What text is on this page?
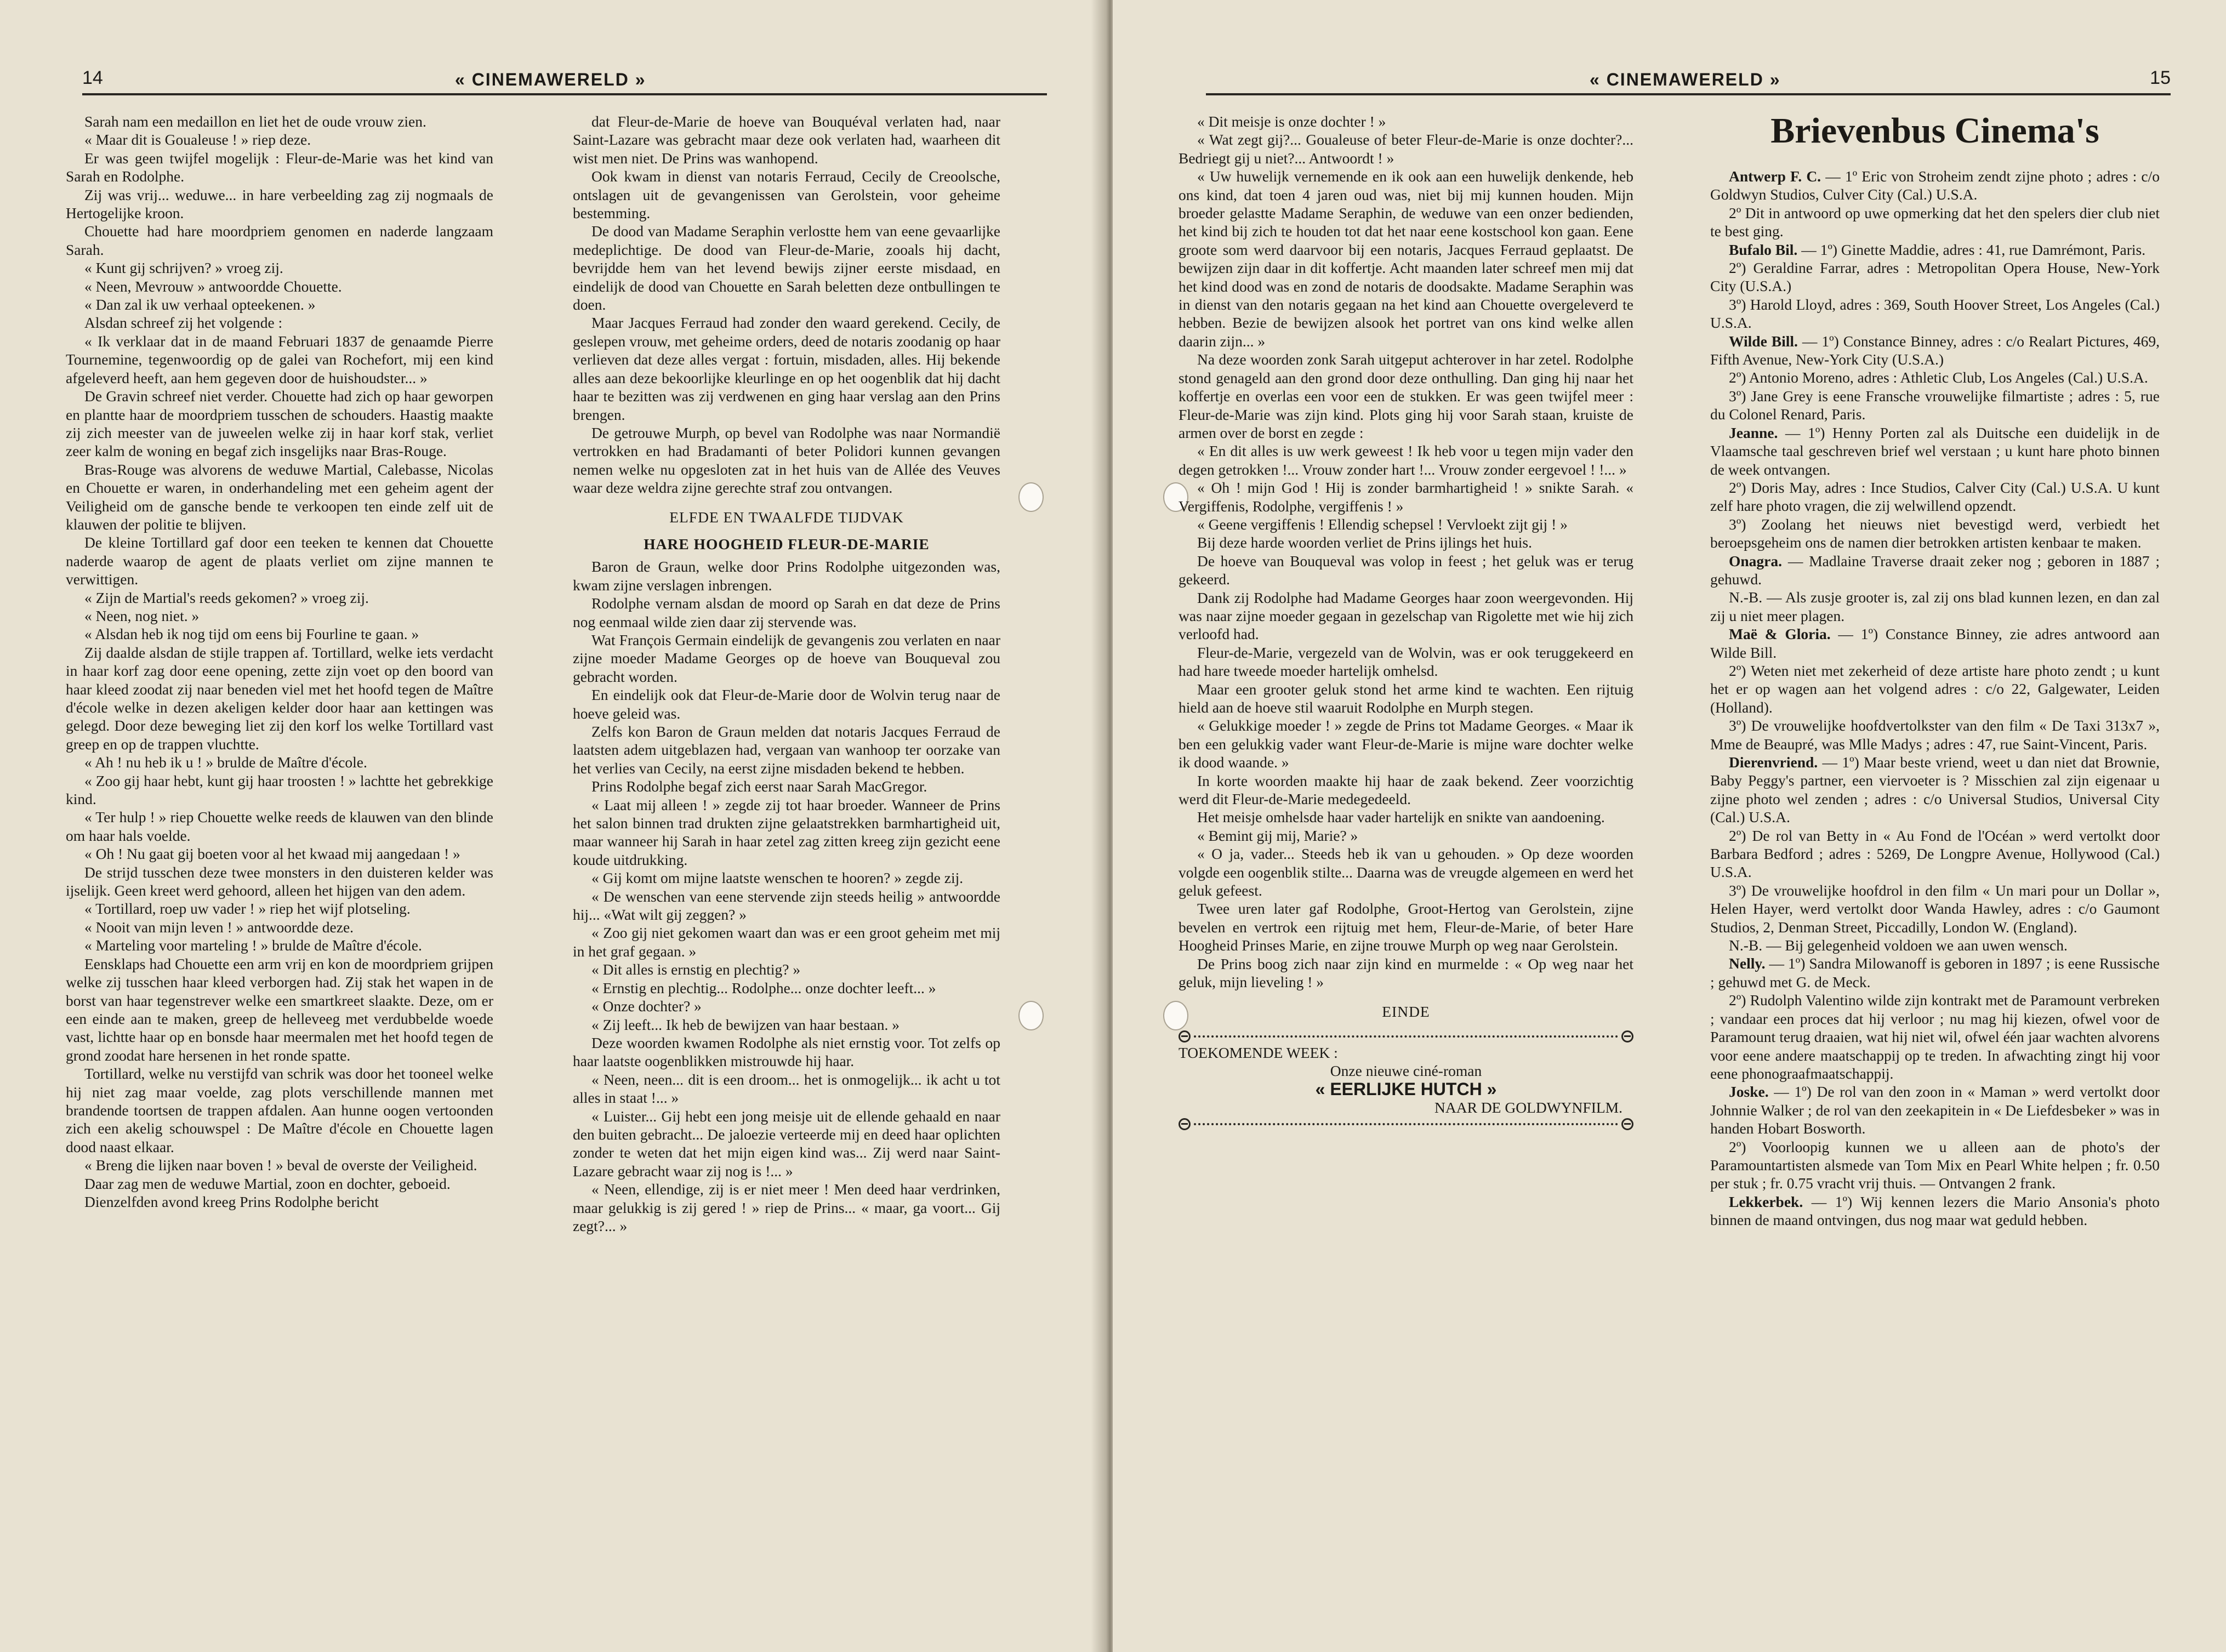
14	« CINEMAWERELD »

Sarah nam een medaillon en liet het de oude vrouw zien.

« Maar dit is Goualeuse ! » riep deze.

Er was geen twijfel mogelijk : Fleur-de-Marie was het kind van Sarah en Rodolphe.

Zij was vrij... weduwe... in hare verbeelding zag zij nogmaals de Hertogelijke kroon.

Chouette had hare moordpriem genomen en naderde langzaam Sarah.

« Kunt gij schrijven? » vroeg zij.

« Neen, Mevrouw » antwoordde Chouette.

« Dan zal ik uw verhaal opteekenen. »

Alsdan schreef zij het volgende :

« Ik verklaar dat in de maand Februari 1837 de genaamde Pierre Tournemine, tegenwoordig op de galei van Rochefort, mij een kind afgeleverd heeft, aan hem gegeven door de huishoudster... »

De Gravin schreef niet verder. Chouette had zich op haar geworpen en plantte haar de moordpriem tusschen de schouders. Haastig maakte zij zich meester van de juweelen welke zij in haar korf stak, verliet zeer kalm de woning en begaf zich insgelijks naar Bras-Rouge.

Bras-Rouge was alvorens de weduwe Martial, Calebasse, Nicolas en Chouette er waren, in onderhandeling met een geheim agent der Veiligheid om de gansche bende te verkoopen ten einde zelf uit de klauwen der politie te blijven.

De kleine Tortillard gaf door een teeken te kennen dat Chouette naderde waarop de agent de plaats verliet om zijne mannen te verwittigen.

« Zijn de Martial's reeds gekomen? » vroeg zij.

« Neen, nog niet. »

« Alsdan heb ik nog tijd om eens bij Fourline te gaan. »

Zij daalde alsdan de stijle trappen af. Tortillard, welke iets verdacht in haar korf zag door eene opening, zette zijn voet op den boord van haar kleed zoodat zij naar beneden viel met het hoofd tegen de Maître d'école welke in dezen akeligen kelder door haar aan kettingen was gelegd. Door deze beweging liet zij den korf los welke Tortillard vast greep en op de trappen vluchtte.

« Ah ! nu heb ik u ! » brulde de Maître d'école.

« Zoo gij haar hebt, kunt gij haar troosten ! » lachtte het gebrekkige kind.

« Ter hulp ! » riep Chouette welke reeds de klauwen van den blinde om haar hals voelde.

« Oh ! Nu gaat gij boeten voor al het kwaad mij aangedaan ! »

De strijd tusschen deze twee monsters in den duisteren kelder was ijselijk. Geen kreet werd gehoord, alleen het hijgen van den adem.

« Tortillard, roep uw vader ! » riep het wijf plotseling.

« Nooit van mijn leven ! » antwoordde deze.

« Marteling voor marteling ! » brulde de Maître d'école.

Eensklaps had Chouette een arm vrij en kon de moordpriem grijpen welke zij tusschen haar kleed verborgen had. Zij stak het wapen in de borst van haar tegenstrever welke een smartkreet slaakte. Deze, om er een einde aan te maken, greep de helleveeg met verdubbelde woede vast, lichtte haar op en bonsde haar meermalen met het hoofd tegen de grond zoodat hare hersenen in het ronde spatte.

Tortillard, welke nu verstijfd van schrik was door het tooneel welke hij niet zag maar voelde, zag plots verschillende mannen met brandende toortsen de trappen afdalen. Aan hunne oogen vertoonden zich een akelig schouwspel : De Maître d'école en Chouette lagen dood naast elkaar.

« Breng die lijken naar boven ! » beval de overste der Veiligheid.

Daar zag men de weduwe Martial, zoon en dochter, geboeid.

Dienzelfden avond kreeg Prins Rodolphe bericht

dat Fleur-de-Marie de hoeve van Bouquéval verlaten had, naar Saint-Lazare was gebracht maar deze ook verlaten had, waarheen dit wist men niet. De Prins was wanhopend.

Ook kwam in dienst van notaris Ferraud, Cecily de Creoolsche, ontslagen uit de gevangenissen van Gerolstein, voor geheime bestemming.

De dood van Madame Seraphin verlostte hem van eene gevaarlijke medeplichtige. De dood van Fleur-de-Marie, zooals hij dacht, bevrijdde hem van het levend bewijs zijner eerste misdaad, en eindelijk de dood van Chouette en Sarah beletten deze ontbullingen te doen.

Maar Jacques Ferraud had zonder den waard gerekend. Cecily, de geslepen vrouw, met geheime orders, deed de notaris zoodanig op haar verlieven dat deze alles vergat : fortuin, misdaden, alles. Hij bekende alles aan deze bekoorlijke kleurlinge en op het oogenblik dat hij dacht haar te bezitten was zij verdwenen en ging haar verslag aan den Prins brengen.

De getrouwe Murph, op bevel van Rodolphe was naar Normandië vertrokken en had Bradamanti of beter Polidori kunnen gevangen nemen welke nu opgesloten zat in het huis van de Allée des Veuves waar deze weldra zijne gerechte straf zou ontvangen.

ELFDE EN TWAALFDE TIJDVAK

HARE HOOGHEID FLEUR-DE-MARIE

Baron de Graun, welke door Prins Rodolphe uitgezonden was, kwam zijne verslagen inbrengen.

Rodolphe vernam alsdan de moord op Sarah en dat deze de Prins nog eenmaal wilde zien daar zij stervende was.

Wat François Germain eindelijk de gevangenis zou verlaten en naar zijne moeder Madame Georges op de hoeve van Bouqueval zou gebracht worden.

En eindelijk ook dat Fleur-de-Marie door de Wolvin terug naar de hoeve geleid was.

Zelfs kon Baron de Graun melden dat notaris Jacques Ferraud de laatsten adem uitgeblazen had, vergaan van wanhoop ter oorzake van het verlies van Cecily, na eerst zijne misdaden bekend te hebben.

Prins Rodolphe begaf zich eerst naar Sarah MacGregor.

« Laat mij alleen ! » zegde zij tot haar broeder. Wanneer de Prins het salon binnen trad drukten zijne gelaatstrekken barmhartigheid uit, maar wanneer hij Sarah in haar zetel zag zitten kreeg zijn gezicht eene koude uitdrukking.

« Gij komt om mijne laatste wenschen te hooren? » zegde zij.

« De wenschen van eene stervende zijn steeds heilig » antwoordde hij... «Wat wilt gij zeggen? »

« Zoo gij niet gekomen waart dan was er een groot geheim met mij in het graf gegaan. »

« Dit alles is ernstig en plechtig? »

« Ernstig en plechtig... Rodolphe... onze dochter leeft... »

« Onze dochter? »

« Zij leeft... Ik heb de bewijzen van haar bestaan. »

Deze woorden kwamen Rodolphe als niet ernstig voor. Tot zelfs op haar laatste oogenblikken mistrouwde hij haar.

« Neen, neen... dit is een droom... het is onmogelijk... ik acht u tot alles in staat !... »

« Luister... Gij hebt een jong meisje uit de ellende gehaald en naar den buiten gebracht... De jaloezie verteerde mij en deed haar oplichten zonder te weten dat het mijn eigen kind was... Zij werd naar Saint-Lazare gebracht waar zij nog is !... »

« Neen, ellendige, zij is er niet meer ! Men deed haar verdrinken, maar gelukkig is zij gered ! » riep de Prins... « maar, ga voort... Gij zegt?... »

« CINEMAWERELD »	15

« Dit meisje is onze dochter ! »

« Wat zegt gij?... Goualeuse of beter Fleur-de-Marie is onze dochter?... Bedriegt gij u niet?... Antwoordt ! »

« Uw huwelijk vernemende en ik ook aan een huwelijk denkende, heb ons kind, dat toen 4 jaren oud was, niet bij mij kunnen houden. Mijn broeder gelastte Madame Seraphin, de weduwe van een onzer bedienden, het kind bij zich te houden tot dat het naar eene kostschool kon gaan. Eene groote som werd daarvoor bij een notaris, Jacques Ferraud geplaatst. De bewijzen zijn daar in dit koffertje. Acht maanden later schreef men mij dat het kind dood was en zond de notaris de doodsakte. Madame Seraphin was in dienst van den notaris gegaan na het kind aan Chouette overgeleverd te hebben. Bezie de bewijzen alsook het portret van ons kind welke allen daarin zijn... »

Na deze woorden zonk Sarah uitgeput achterover in har zetel. Rodolphe stond genageld aan den grond door deze onthulling. Dan ging hij naar het koffertje en overlas een voor een de stukken. Er was geen twijfel meer : Fleur-de-Marie was zijn kind. Plots ging hij voor Sarah staan, kruiste de armen over de borst en zegde :

« En dit alles is uw werk geweest ! Ik heb voor u tegen mijn vader den degen getrokken !... Vrouw zonder hart !... Vrouw zonder eergevoel ! !... »

« Oh ! mijn God ! Hij is zonder barmhartigheid ! » snikte Sarah. « Vergiffenis, Rodolphe, vergiffenis ! »

« Geene vergiffenis ! Ellendig schepsel ! Vervloekt zijt gij ! »

Bij deze harde woorden verliet de Prins ijlings het huis.

De hoeve van Bouqueval was volop in feest ; het geluk was er terug gekeerd.

Dank zij Rodolphe had Madame Georges haar zoon weergevonden. Hij was naar zijne moeder gegaan in gezelschap van Rigolette met wie hij zich verloofd had.

Fleur-de-Marie, vergezeld van de Wolvin, was er ook teruggekeerd en had hare tweede moeder hartelijk omhelsd.

Maar een grooter geluk stond het arme kind te wachten. Een rijtuig hield aan de hoeve stil waaruit Rodolphe en Murph stegen.

« Gelukkige moeder ! » zegde de Prins tot Madame Georges. « Maar ik ben een gelukkig vader want Fleur-de-Marie is mijne ware dochter welke ik dood waande. »

In korte woorden maakte hij haar de zaak bekend. Zeer voorzichtig werd dit Fleur-de-Marie medegedeeld.

Het meisje omhelsde haar vader hartelijk en snikte van aandoening.

« Bemint gij mij, Marie? »

« O ja, vader... Steeds heb ik van u gehouden. » Op deze woorden volgde een oogenblik stilte... Daarna was de vreugde algemeen en werd het geluk gefeest.

Twee uren later gaf Rodolphe, Groot-Hertog van Gerolstein, zijne bevelen en vertrok een rijtuig met hem, Fleur-de-Marie, of beter Hare Hoogheid Prinses Marie, en zijne trouwe Murph op weg naar Gerolstein.

De Prins boog zich naar zijn kind en murmelde : « Op weg naar het geluk, mijn lieveling ! »

EINDE

TOEKOMENDE WEEK :

Onze nieuwe ciné-roman

« EERLIJKE HUTCH »

NAAR DE GOLDWYNFILM.

Brievenbus Cinema's

Antwerp F. C. — 1º Eric von Stroheim zendt zijne photo ; adres : c/o Goldwyn Studios, Culver City (Cal.) U.S.A.

2º Dit in antwoord op uwe opmerking dat het den spelers dier club niet te best ging.

Bufalo Bil. — 1º) Ginette Maddie, adres : 41, rue Damrémont, Paris.

2º) Geraldine Farrar, adres : Metropolitan Opera House, New-York City (U.S.A.)

3º) Harold Lloyd, adres : 369, South Hoover Street, Los Angeles (Cal.) U.S.A.

Wilde Bill. — 1º) Constance Binney, adres : c/o Realart Pictures, 469, Fifth Avenue, New-York City (U.S.A.)

2º) Antonio Moreno, adres : Athletic Club, Los Angeles (Cal.) U.S.A.

3º) Jane Grey is eene Fransche vrouwelijke filmartiste ; adres : 5, rue du Colonel Renard, Paris.

Jeanne. — 1º) Henny Porten zal als Duitsche een duidelijk in de Vlaamsche taal geschreven brief wel verstaan ; u kunt hare photo binnen de week ontvangen.

2º) Doris May, adres : Ince Studios, Calver City (Cal.) U.S.A. U kunt zelf hare photo vragen, die zij welwillend opzendt.

3º) Zoolang het nieuws niet bevestigd werd, verbiedt het beroepsgeheim ons de namen dier betrokken artisten kenbaar te maken.

Onagra. — Madlaine Traverse draait zeker nog ; geboren in 1887 ; gehuwd.

N.-B. — Als zusje grooter is, zal zij ons blad kunnen lezen, en dan zal zij u niet meer plagen.

Maë & Gloria. — 1º) Constance Binney, zie adres antwoord aan Wilde Bill.

2º) Weten niet met zekerheid of deze artiste hare photo zendt ; u kunt het er op wagen aan het volgend adres : c/o 22, Galgewater, Leiden (Holland).

3º) De vrouwelijke hoofdvertolkster van den film « De Taxi 313x7 », Mme de Beaupré, was Mlle Madys ; adres : 47, rue Saint-Vincent, Paris.

Dierenvriend. — 1º) Maar beste vriend, weet u dan niet dat Brownie, Baby Peggy's partner, een viervoeter is ? Misschien zal zijn eigenaar u zijne photo wel zenden ; adres : c/o Universal Studios, Universal City (Cal.) U.S.A.

2º) De rol van Betty in « Au Fond de l'Océan » werd vertolkt door Barbara Bedford ; adres : 5269, De Longpre Avenue, Hollywood (Cal.) U.S.A.

3º) De vrouwelijke hoofdrol in den film « Un mari pour un Dollar », Helen Hayer, werd vertolkt door Wanda Hawley, adres : c/o Gaumont Studios, 2, Denman Street, Piccadilly, London W. (England).

N.-B. — Bij gelegenheid voldoen we aan uwen wensch.

Nelly. — 1º) Sandra Milowanoff is geboren in 1897 ; is eene Russische ; gehuwd met G. de Meck.

2º) Rudolph Valentino wilde zijn kontrakt met de Paramount verbreken ; vandaar een proces dat hij verloor ; nu mag hij kiezen, ofwel voor de Paramount terug draaien, wat hij niet wil, ofwel één jaar wachten alvorens voor eene andere maatschappij op te treden. In afwachting zingt hij voor eene phonograafmaatschappij.

Joske. — 1º) De rol van den zoon in « Maman » werd vertolkt door Johnnie Walker ; de rol van den zeekapitein in « De Liefdesbeker » was in handen Hobart Bosworth.

2º) Voorloopig kunnen we u alleen aan de photo's der Paramountartisten alsmede van Tom Mix en Pearl White helpen ; fr. 0.50 per stuk ; fr. 0.75 vracht vrij thuis. — Ontvangen 2 frank.

Lekkerbek. — 1º) Wij kennen lezers die Mario Ansonia's photo binnen de maand ontvingen, dus nog maar wat geduld hebben.
